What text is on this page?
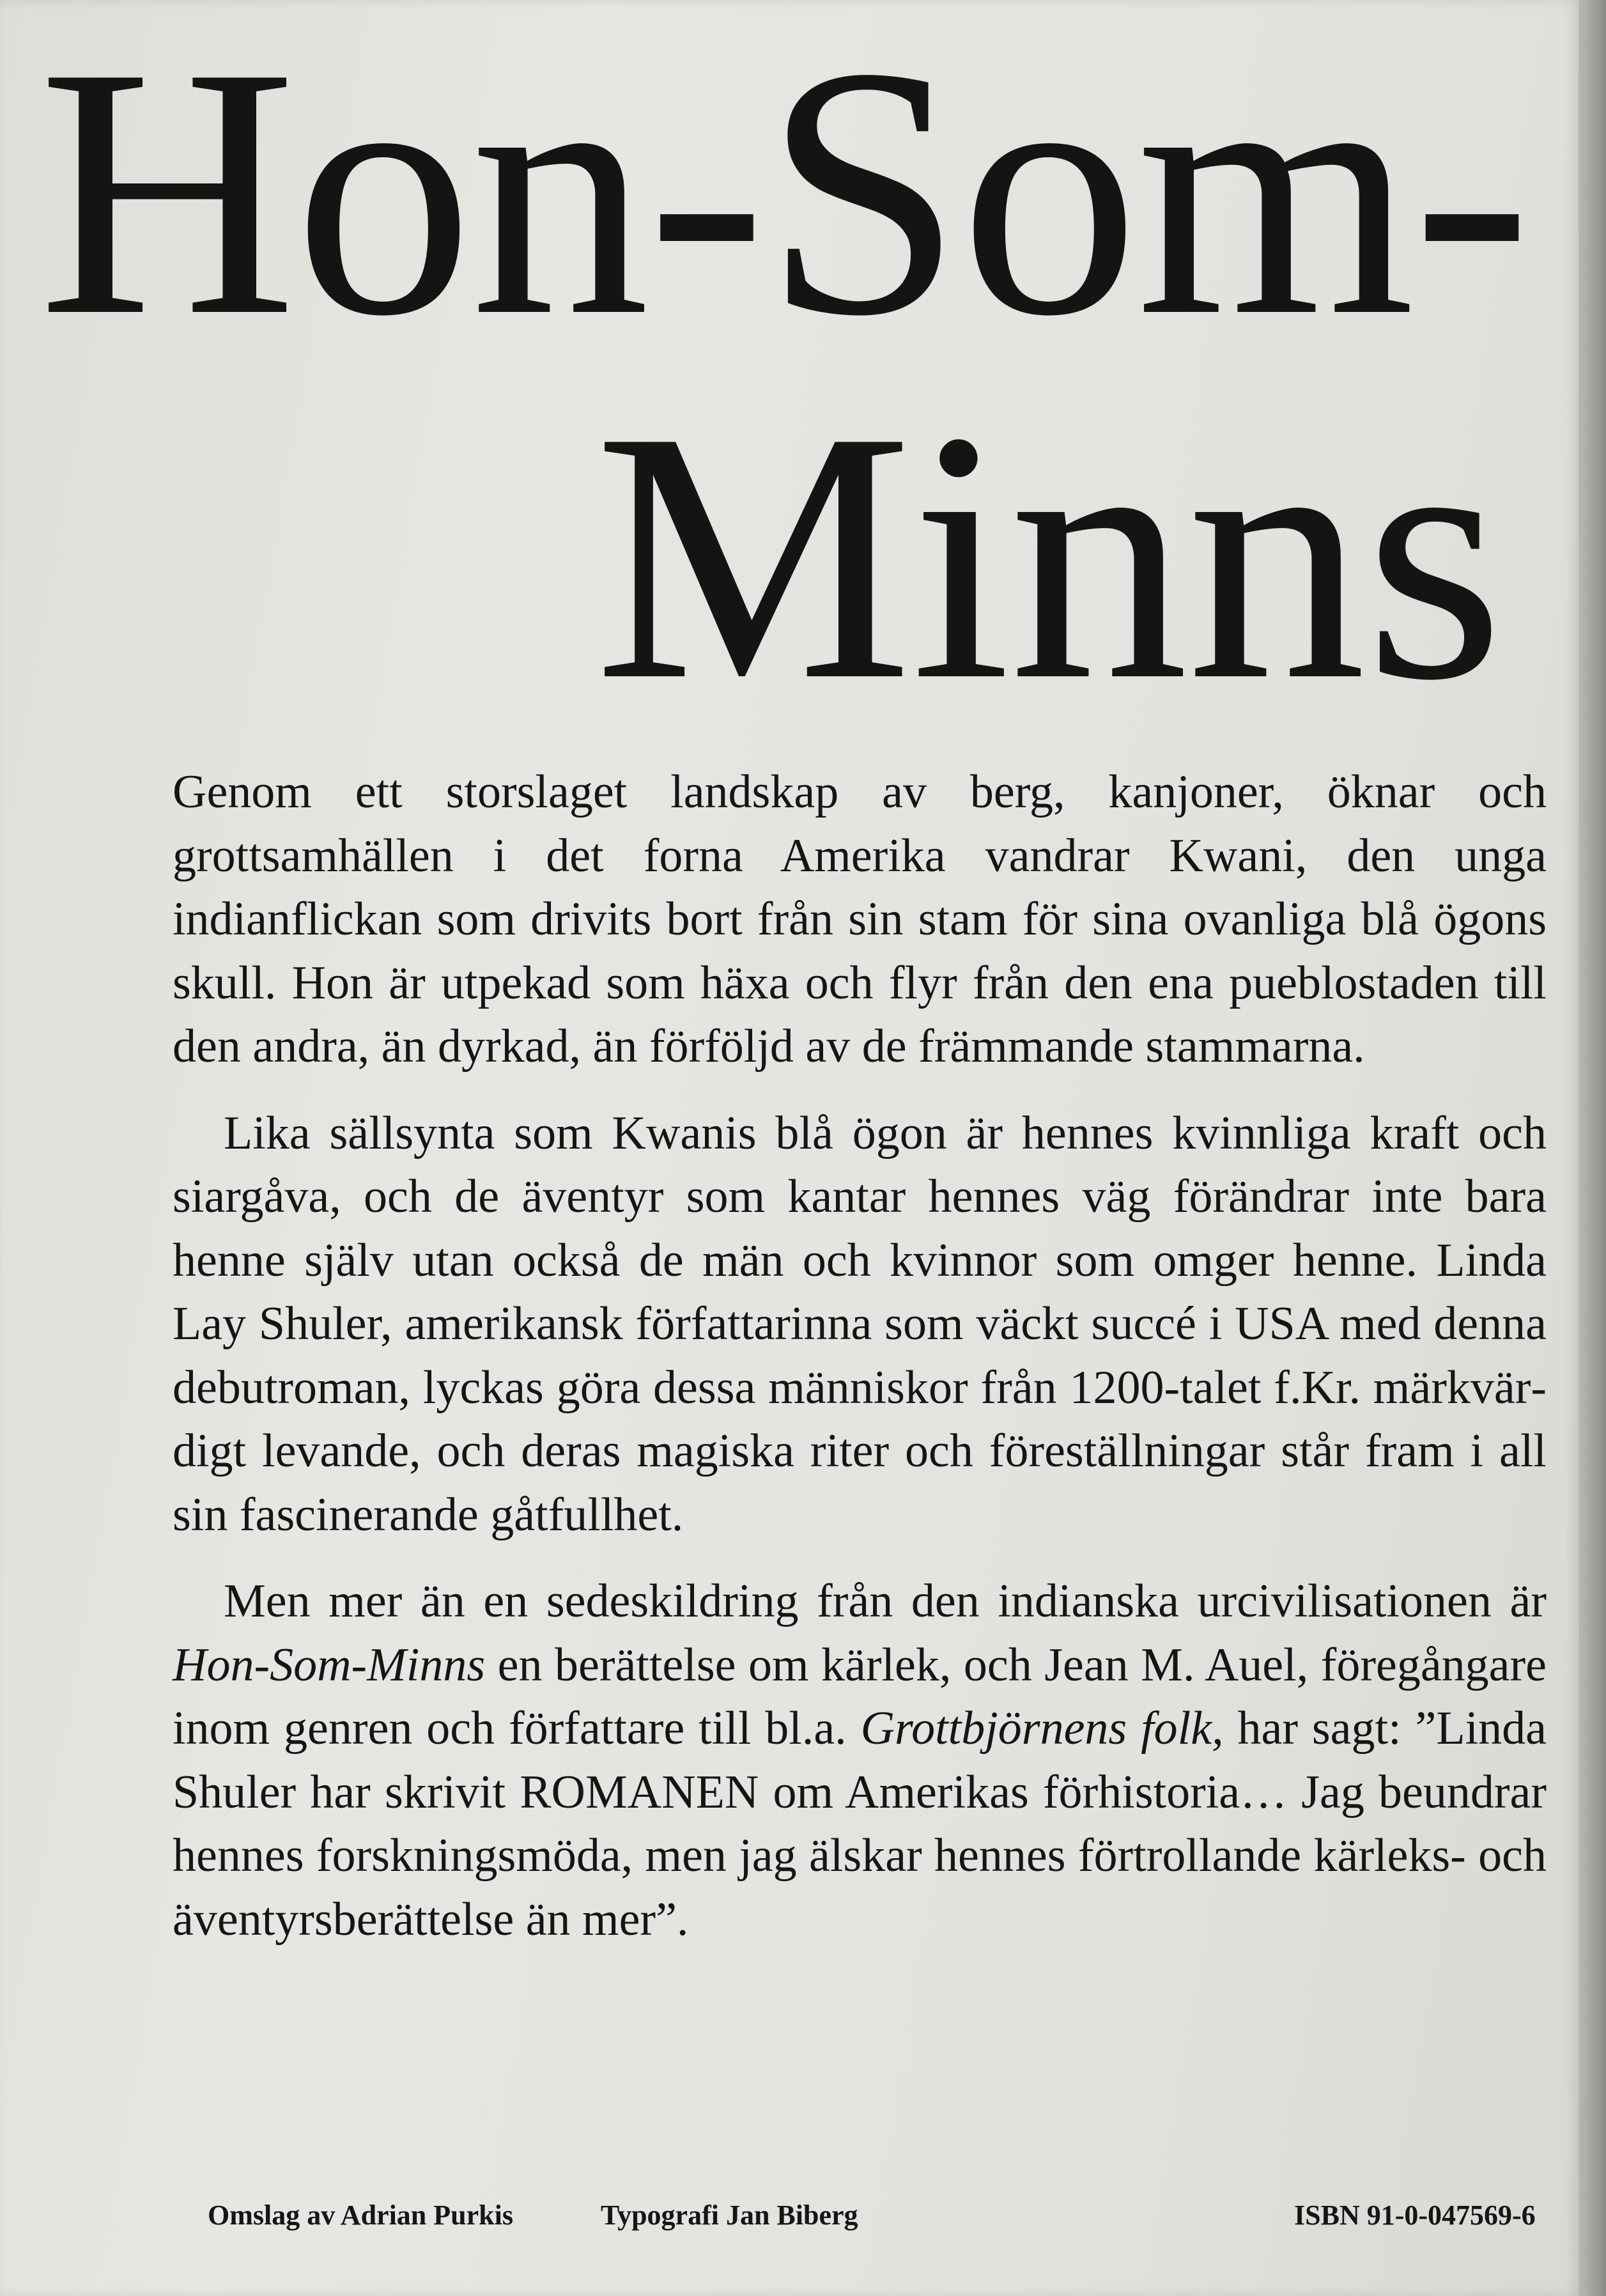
Hon-Som-
Minns

Genom ett storslaget landskap av berg, kanjoner, öknar och grottsamhällen i det forna Amerika vandrar Kwani, den unga indianflickan som drivits bort från sin stam för sina ovanliga blå ögons skull. Hon är utpekad som häxa och flyr från den ena pueblostaden till den andra, än dyrkad, än förföljd av de främmande stammarna.

Lika sällsynta som Kwanis blå ögon är hennes kvinnliga kraft och siargåva, och de äventyr som kantar hennes väg förändrar inte bara henne själv utan också de män och kvinnor som omger henne. Linda Lay Shuler, amerikansk författarinna som väckt succé i USA med denna debutroman, lyckas göra dessa människor från 1200-talet f.Kr. märkvärdigt levande, och deras magiska riter och föreställningar står fram i all sin fascinerande gåtfullhet.

Men mer än en sedeskildring från den indianska urcivilisationen är Hon-Som-Minns en berättelse om kärlek, och Jean M. Auel, föregångare inom genren och författare till bl.a. Grottbjörnens folk, har sagt: ”Linda Shuler har skrivit ROMANEN om Amerikas förhistoria… Jag beundrar hennes forskningsmöda, men jag älskar hennes förtrollande kärleks- och äventyrsberättelse än mer”.

Omslag av Adrian Purkis	Typografi Jan Biberg	ISBN 91-0-047569-6
